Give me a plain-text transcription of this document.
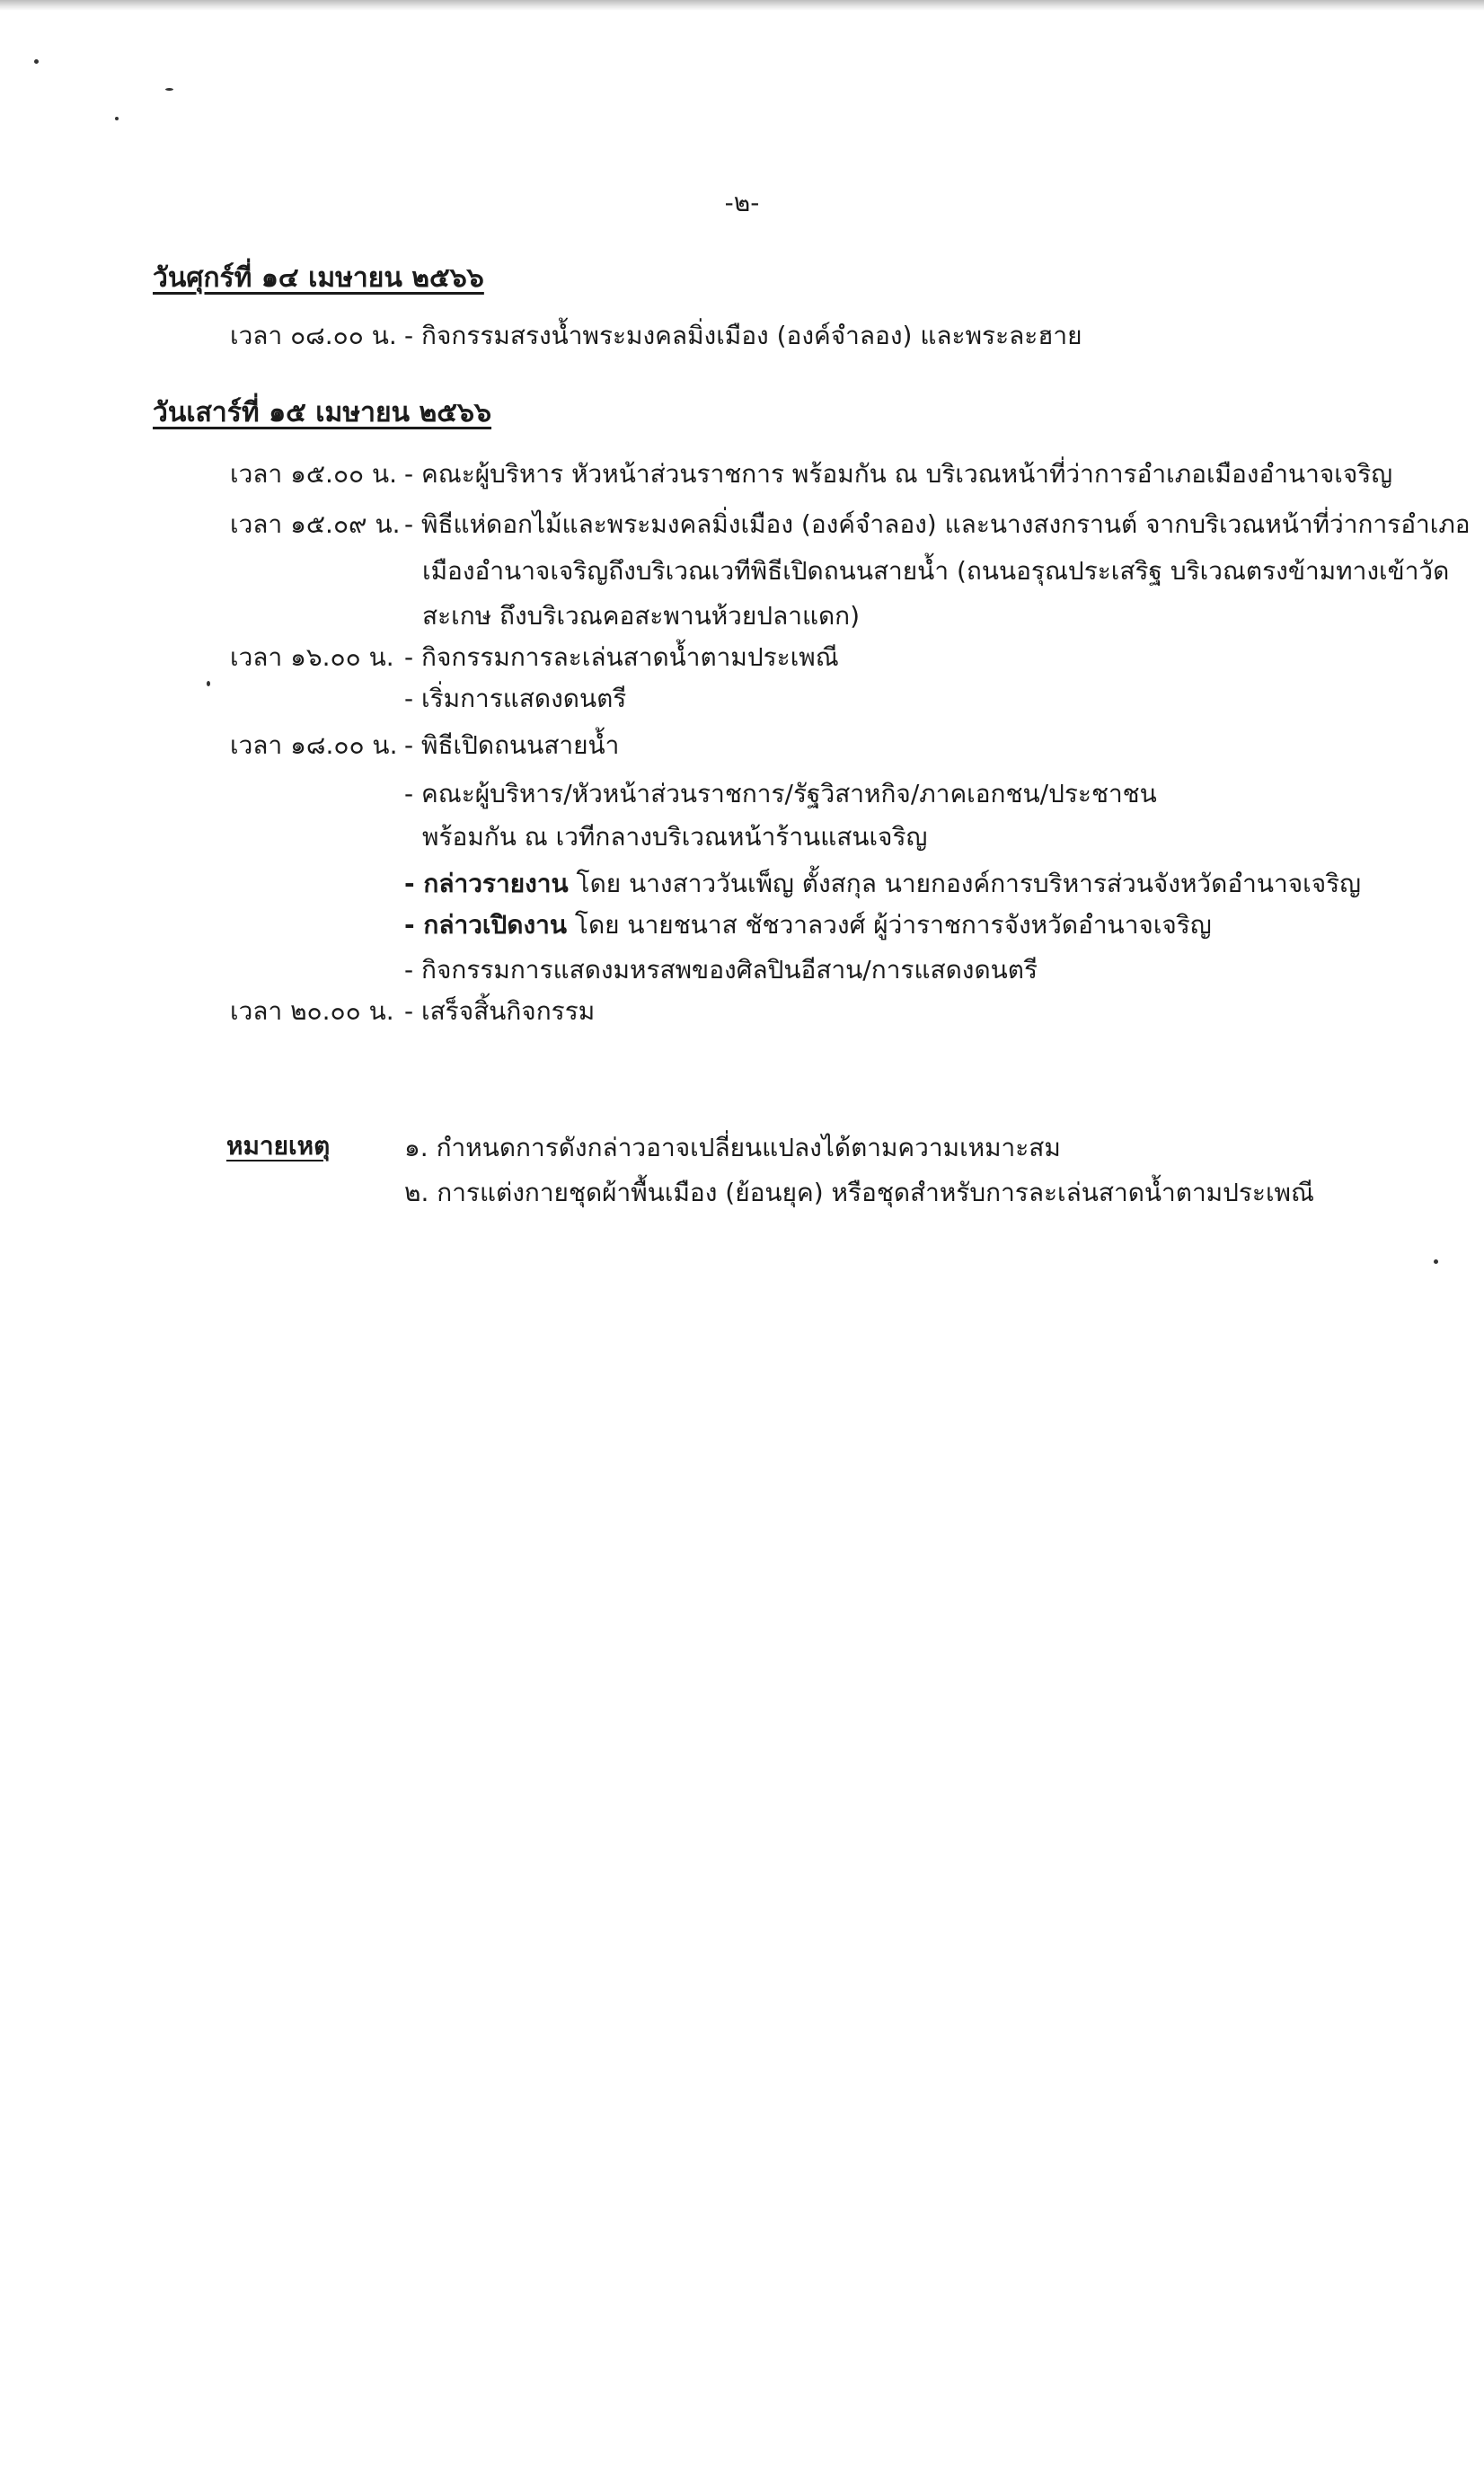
-๒-
วันศุกร์ที่ ๑๔ เมษายน ๒๕๖๖
เวลา ๐๘.๐๐ น. - กิจกรรมสรงน้ำพระมงคลมิ่งเมือง (องค์จำลอง) และพระละฮาย
วันเสาร์ที่ ๑๕ เมษายน ๒๕๖๖
เวลา ๑๕.๐๐ น. - คณะผู้บริหาร หัวหน้าส่วนราชการ พร้อมกัน ณ บริเวณหน้าที่ว่าการอำเภอเมืองอำนาจเจริญ
เวลา ๑๕.๐๙ น. - พิธีแห่ดอกไม้และพระมงคลมิ่งเมือง (องค์จำลอง) และนางสงกรานต์ จากบริเวณหน้าที่ว่าการอำเภอ
เมืองอำนาจเจริญถึงบริเวณเวทีพิธีเปิดถนนสายน้ำ (ถนนอรุณประเสริฐ บริเวณตรงข้ามทางเข้าวัด
สะเกษ ถึงบริเวณคอสะพานห้วยปลาแดก)
เวลา ๑๖.๐๐ น. - กิจกรรมการละเล่นสาดน้ำตามประเพณี
- เริ่มการแสดงดนตรี
เวลา ๑๘.๐๐ น. - พิธีเปิดถนนสายน้ำ
- คณะผู้บริหาร/หัวหน้าส่วนราชการ/รัฐวิสาหกิจ/ภาคเอกชน/ประชาชน
พร้อมกัน ณ เวทีกลางบริเวณหน้าร้านแสนเจริญ
- กล่าวรายงาน โดย นางสาววันเพ็ญ ตั้งสกุล นายกองค์การบริหารส่วนจังหวัดอำนาจเจริญ
- กล่าวเปิดงาน โดย นายชนาส ชัชวาลวงศ์ ผู้ว่าราชการจังหวัดอำนาจเจริญ
- กิจกรรมการแสดงมหรสพของศิลปินอีสาน/การแสดงดนตรี
เวลา ๒๐.๐๐ น. - เสร็จสิ้นกิจกรรม
หมายเหตุ	๑. กำหนดการดังกล่าวอาจเปลี่ยนแปลงได้ตามความเหมาะสม
๒. การแต่งกายชุดผ้าพื้นเมือง (ย้อนยุค) หรือชุดสำหรับการละเล่นสาดน้ำตามประเพณี
